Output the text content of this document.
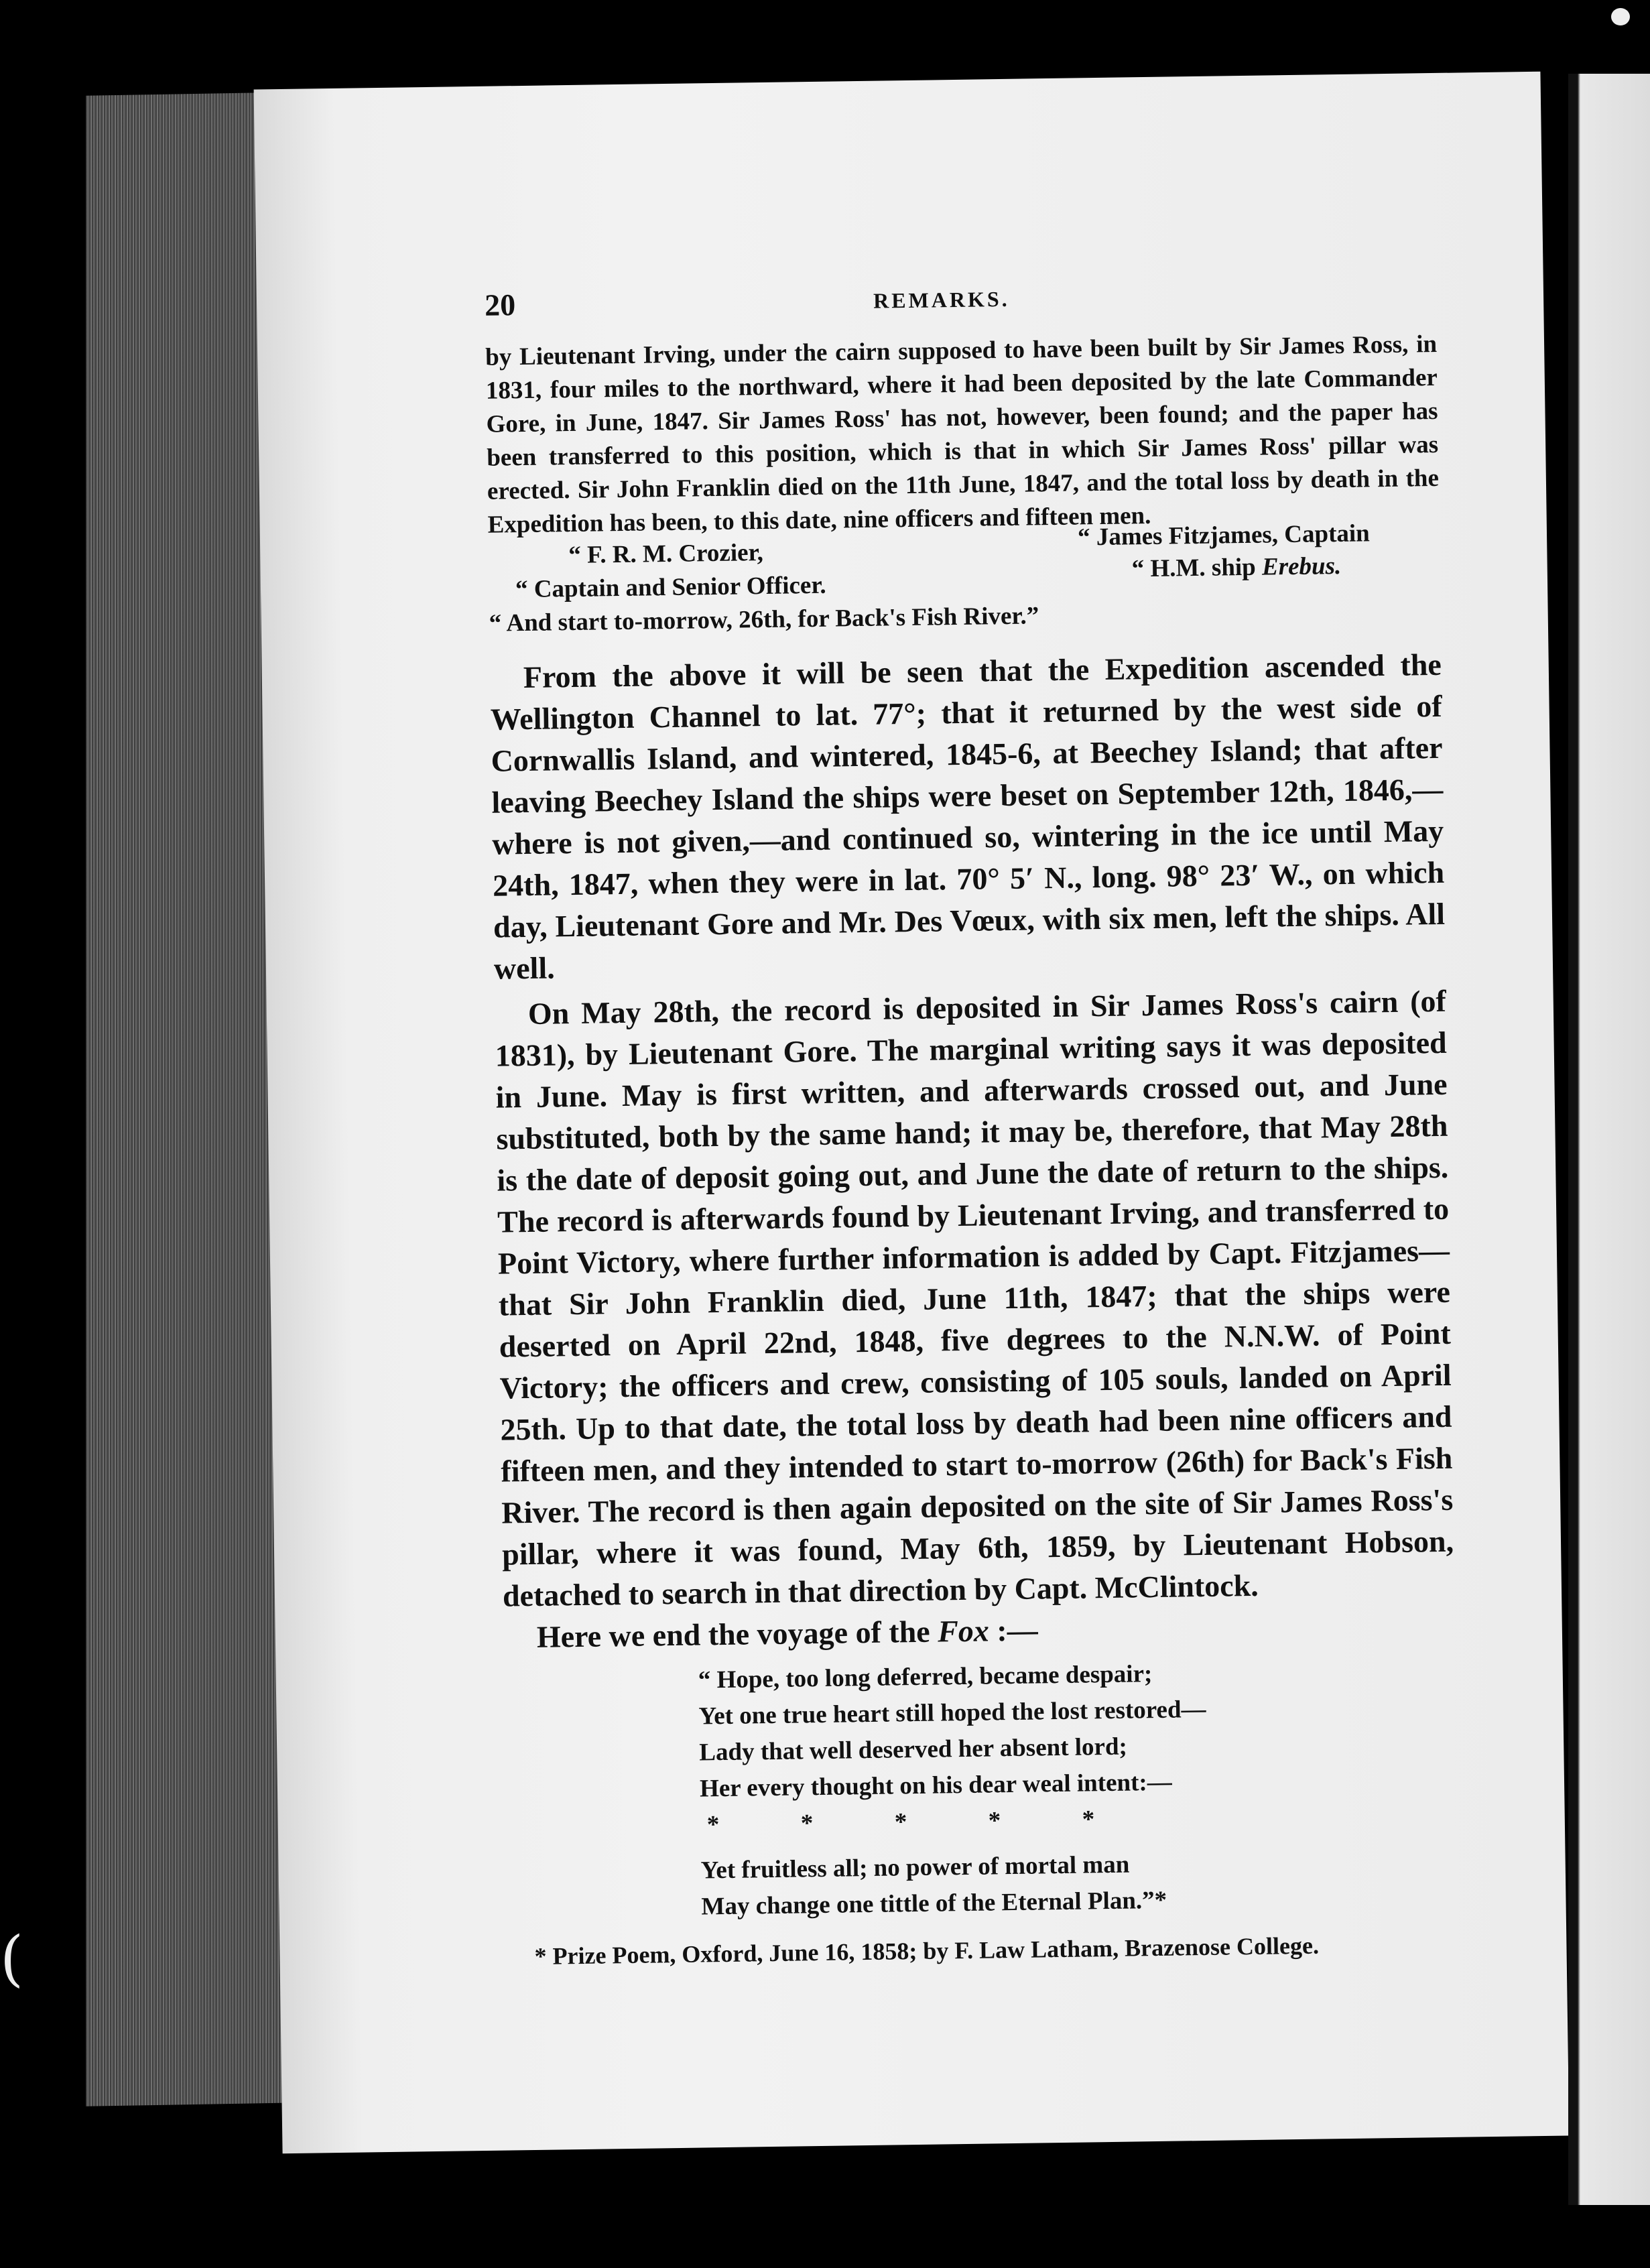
20	REMARKS.

by Lieutenant Irving, under the cairn supposed to have been built by Sir James Ross, in 1831, four miles to the northward, where it had been deposited by the late Commander Gore, in June, 1847. Sir James Ross' has not, however, been found; and the paper has been transferred to this position, which is that in which Sir James Ross' pillar was erected. Sir John Franklin died on the 11th June, 1847, and the total loss by death in the Expedition has been, to this date, nine officers and fifteen men.

“ F. R. M. Crozier,
“ Captain and Senior Officer.
“ James Fitzjames, Captain
“ H.M. ship Erebus.
“ And start to-morrow, 26th, for Back's Fish River.”

From the above it will be seen that the Expedition ascended the Wellington Channel to lat. 77°; that it returned by the west side of Cornwallis Island, and wintered, 1845-6, at Beechey Island; that after leaving Beechey Island the ships were beset on September 12th, 1846,—where is not given,—and continued so, wintering in the ice until May 24th, 1847, when they were in lat. 70° 5′ N., long. 98° 23′ W., on which day, Lieutenant Gore and Mr. Des Vœux, with six men, left the ships. All well.

On May 28th, the record is deposited in Sir James Ross's cairn (of 1831), by Lieutenant Gore. The marginal writing says it was deposited in June. May is first written, and afterwards crossed out, and June substituted, both by the same hand; it may be, therefore, that May 28th is the date of deposit going out, and June the date of return to the ships. The record is afterwards found by Lieutenant Irving, and transferred to Point Victory, where further information is added by Capt. Fitzjames—that Sir John Franklin died, June 11th, 1847; that the ships were deserted on April 22nd, 1848, five degrees to the N.N.W. of Point Victory; the officers and crew, consisting of 105 souls, landed on April 25th. Up to that date, the total loss by death had been nine officers and fifteen men, and they intended to start to-morrow (26th) for Back's Fish River. The record is then again deposited on the site of Sir James Ross's pillar, where it was found, May 6th, 1859, by Lieutenant Hobson, detached to search in that direction by Capt. McClintock.

Here we end the voyage of the Fox :—

“ Hope, too long deferred, became despair;
Yet one true heart still hoped the lost restored—
Lady that well deserved her absent lord;
Her every thought on his dear weal intent:—
*	*	*	*	*
Yet fruitless all; no power of mortal man
May change one tittle of the Eternal Plan.”*
* Prize Poem, Oxford, June 16, 1858; by F. Law Latham, Brazenose College.
(
